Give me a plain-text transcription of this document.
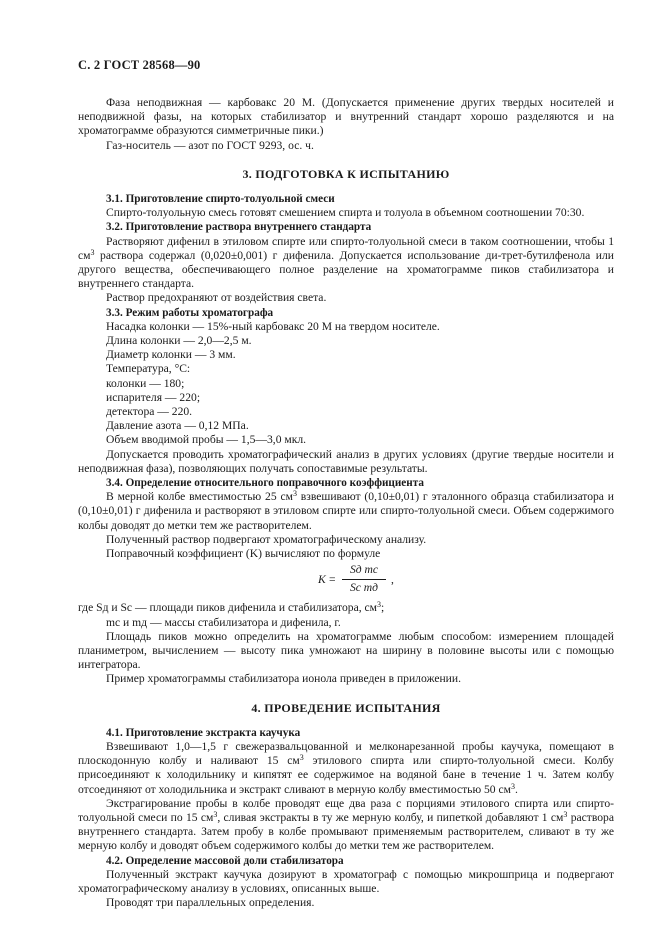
С. 2 ГОСТ 28568—90

Фаза неподвижная — карбовакс 20 М. (Допускается применение других твердых носителей и неподвижной фазы, на которых стабилизатор и внутренний стандарт хорошо разделяются и на хроматограмме образуются симметричные пики.)

Газ-носитель — азот по ГОСТ 9293, ос. ч.

3. ПОДГОТОВКА К ИСПЫТАНИЮ
3.1. Приготовление спирто-толуольной смеси

Спирто-толуольную смесь готовят смешением спирта и толуола в объемном соотношении 70:30.

3.2. Приготовление раствора внутреннего стандарта

Растворяют дифенил в этиловом спирте или спирто-толуольной смеси в таком соотношении, чтобы 1 $см^3$ раствора содержал (0,020±0,001) г дифенила. Допускается использование ди-трет-бутилфенола или другого вещества, обеспечивающего полное разделение на хроматограмме пиков стабилизатора и внутреннего стандарта.

Раствор предохраняют от воздействия света.

3.3. Режим работы хроматографа

Насадка колонки — 15%-ный карбовакс 20 М на твердом носителе.

Длина колонки — 2,0—2,5 м.

Диаметр колонки — 3 мм.

Температура, °С:

колонки — 180;

испарителя — 220;

детектора — 220.

Давление азота — 0,12 МПа.

Объем вводимой пробы — 1,5—3,0 мкл.

Допускается проводить хроматографический анализ в других условиях (другие твердые носители и неподвижная фаза), позволяющих получать сопоставимые результаты.

3.4. Определение относительного поправочного коэффициента

В мерной колбе вместимостью 25 $см^3$ взвешивают (0,10±0,01) г эталонного образца стабилизатора и (0,10±0,01) г дифенила и растворяют в этиловом спирте или спирто-толуольной смеси. Объем содержимого колбы доводят до метки тем же растворителем.

Полученный раствор подвергают хроматографическому анализу.

Поправочный коэффициент (K) вычисляют по формуле

K =
Sд mс
Sс mд
,

где Sд и Sс — площади пиков дифенила и стабилизатора, $см^3$;

mс и mд — массы стабилизатора и дифенила, г.

Площадь пиков можно определить на хроматограмме любым способом: измерением площадей планиметром, вычислением — высоту пика умножают на ширину в половине высоты или с помощью интегратора.

Пример хроматограммы стабилизатора ионола приведен в приложении.

4. ПРОВЕДЕНИЕ ИСПЫТАНИЯ
4.1. Приготовление экстракта каучука

Взвешивают 1,0—1,5 г свежеразвальцованной и мелконарезанной пробы каучука, помещают в плоскодонную колбу и наливают 15 $см^3$ этилового спирта или спирто-толуольной смеси. Колбу присоединяют к холодильнику и кипятят ее содержимое на водяной бане в течение 1 ч. Затем колбу отсоединяют от холодильника и экстракт сливают в мерную колбу вместимостью 50 $см^3$.

Экстрагирование пробы в колбе проводят еще два раза с порциями этилового спирта или спирто-толуольной смеси по 15 $см^3$, сливая экстракты в ту же мерную колбу, и пипеткой добавляют 1 $см^3$ раствора внутреннего стандарта. Затем пробу в колбе промывают применяемым растворителем, сливают в ту же мерную колбу и доводят объем содержимого колбы до метки тем же растворителем.

4.2. Определение массовой доли стабилизатора

Полученный экстракт каучука дозируют в хроматограф с помощью микрошприца и подвергают хроматографическому анализу в условиях, описанных выше.

Проводят три параллельных определения.
